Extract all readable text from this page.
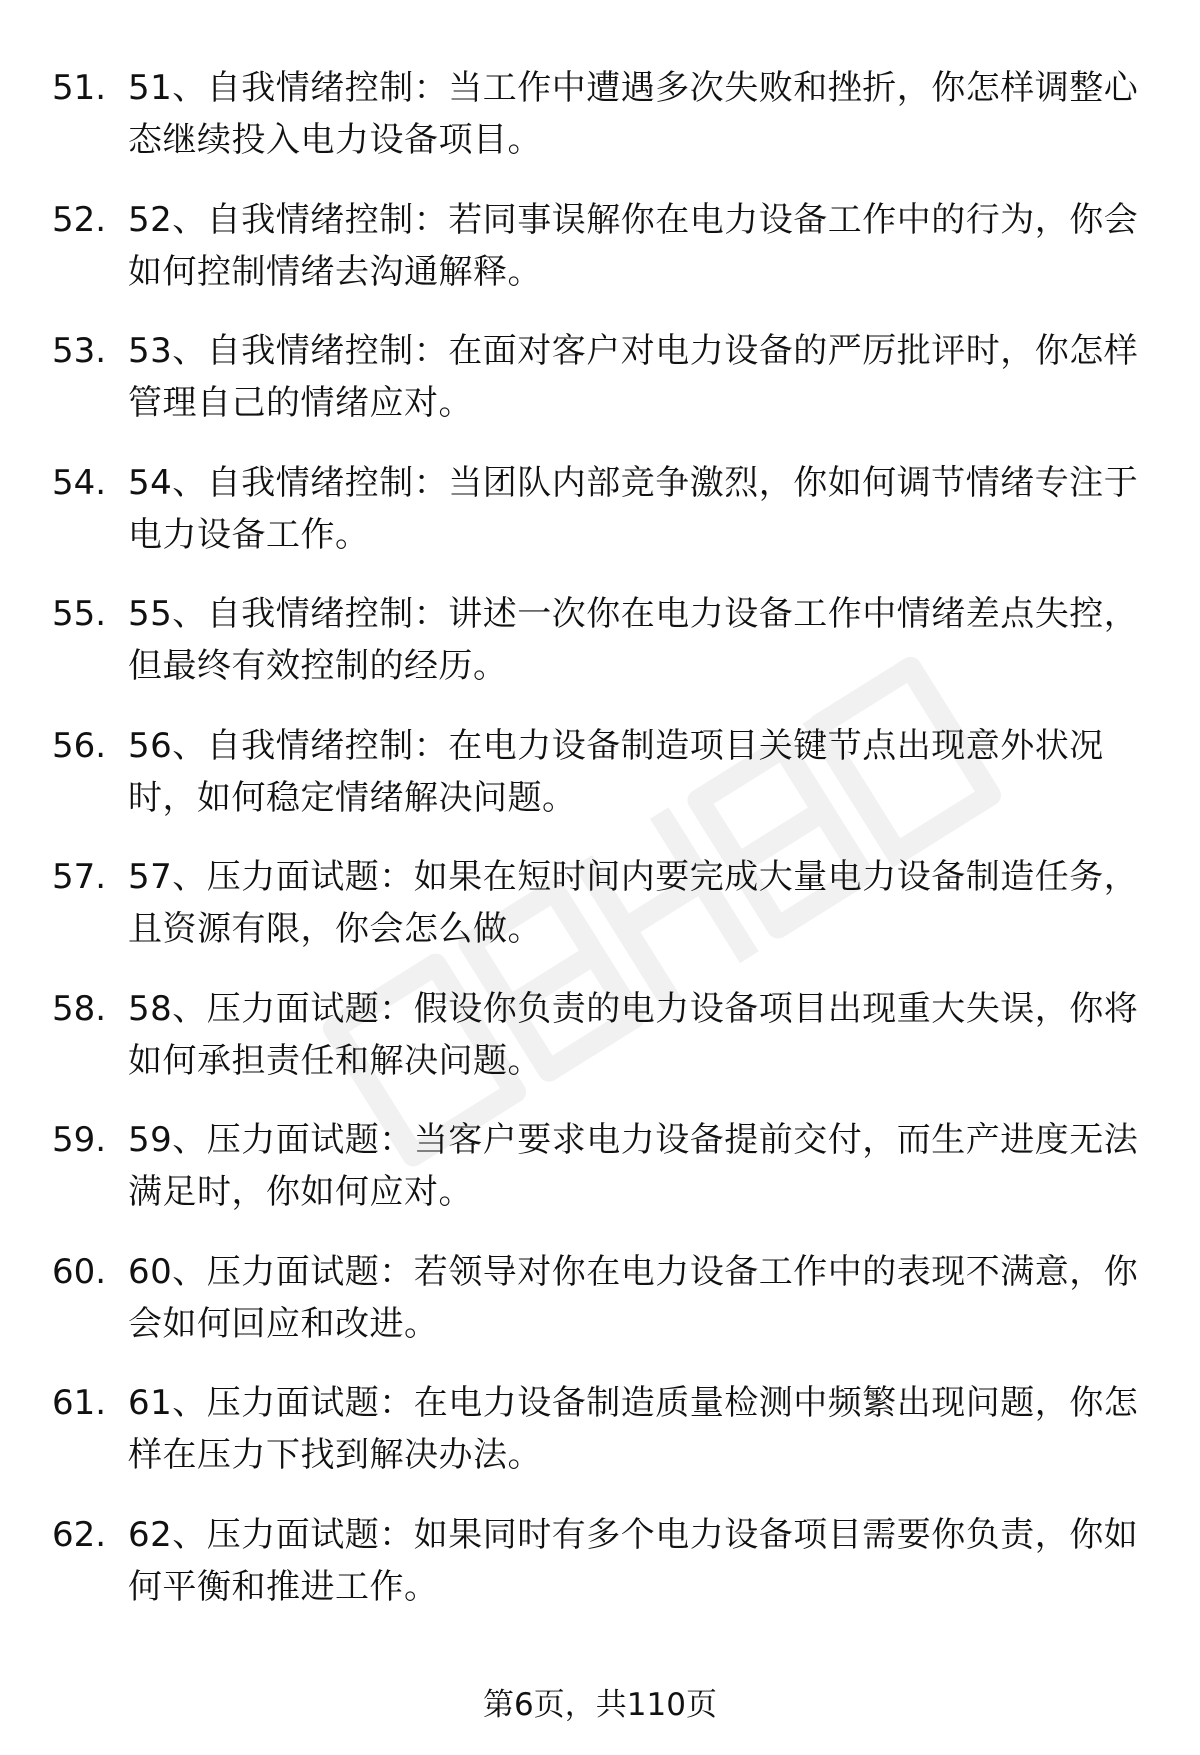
51. 51、自我情绪控制：当工作中遭遇多次失败和挫折，你怎样调整心态继续投入电力设备项目。
52. 52、自我情绪控制：若同事误解你在电力设备工作中的行为，你会如何控制情绪去沟通解释。
53. 53、自我情绪控制：在面对客户对电力设备的严厉批评时，你怎样管理自己的情绪应对。
54. 54、自我情绪控制：当团队内部竞争激烈，你如何调节情绪专注于电力设备工作。
55. 55、自我情绪控制：讲述一次你在电力设备工作中情绪差点失控，但最终有效控制的经历。
56. 56、自我情绪控制：在电力设备制造项目关键节点出现意外状况时，如何稳定情绪解决问题。
57. 57、压力面试题：如果在短时间内要完成大量电力设备制造任务，且资源有限，你会怎么做。
58. 58、压力面试题：假设你负责的电力设备项目出现重大失误，你将如何承担责任和解决问题。
59. 59、压力面试题：当客户要求电力设备提前交付，而生产进度无法满足时，你如何应对。
60. 60、压力面试题：若领导对你在电力设备工作中的表现不满意，你会如何回应和改进。
61. 61、压力面试题：在电力设备制造质量检测中频繁出现问题，你怎样在压力下找到解决办法。
62. 62、压力面试题：如果同时有多个电力设备项目需要你负责，你如何平衡和推进工作。
第6页，共110页
